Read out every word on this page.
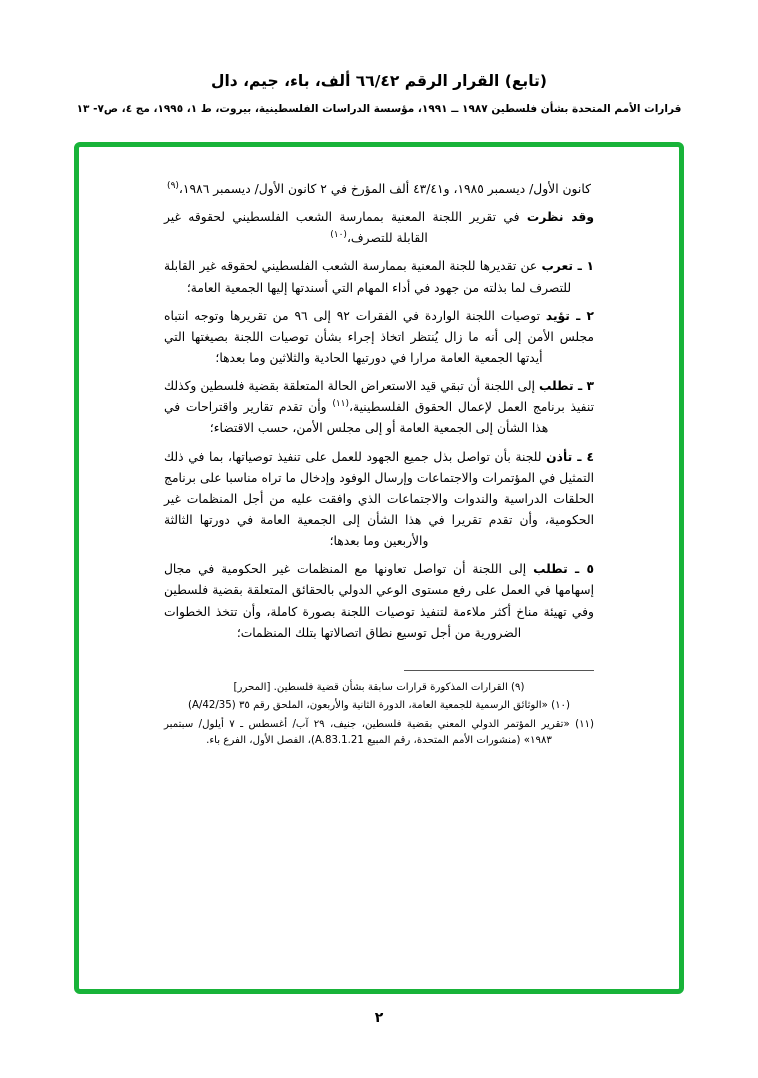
(تابع) القرار الرقم ٦٦/٤٢ ألف، باء، جيم، دال
قرارات الأمم المتحدة بشأن فلسطين ١٩٨٧ ــ ١٩٩١، مؤسسة الدراسات الفلسطينية، بيروت، ط ١، ١٩٩٥، مج ٤، ص٧- ١٣

كانون الأول/ ديسمبر ١٩٨٥، و٤٣/٤١ ألف المؤرخ في ٢ كانون الأول/ ديسمبر ١٩٨٦،$^{(٩)}$

وقد نظرت في تقرير اللجنة المعنية بممارسة الشعب الفلسطيني لحقوقه غير القابلة للتصرف،$^{(١٠)}$

١ ـ تعرب عن تقديرها للجنة المعنية بممارسة الشعب الفلسطيني لحقوقه غير القابلة للتصرف لما بذلته من جهود في أداء المهام التي أسندتها إليها الجمعية العامة؛

٢ ـ تؤيد توصيات اللجنة الواردة في الفقرات ٩٢ إلى ٩٦ من تقريرها وتوجه انتباه مجلس الأمن إلى أنه ما زال يُنتظر اتخاذ إجراء بشأن توصيات اللجنة بصيغتها التي أيدتها الجمعية العامة مرارا في دورتيها الحادية والثلاثين وما بعدها؛

٣ ـ تطلب إلى اللجنة أن تبقي قيد الاستعراض الحالة المتعلقة بقضية فلسطين وكذلك تنفيذ برنامج العمل لإعمال الحقوق الفلسطينية،$^{(١١)}$ وأن تقدم تقارير واقتراحات في هذا الشأن إلى الجمعية العامة أو إلى مجلس الأمن، حسب الاقتضاء؛

٤ ـ تأذن للجنة بأن تواصل بذل جميع الجهود للعمل على تنفيذ توصياتها، بما في ذلك التمثيل في المؤتمرات والاجتماعات وإرسال الوفود وإدخال ما تراه مناسبا على برنامج الحلقات الدراسية والندوات والاجتماعات الذي وافقت عليه من أجل المنظمات غير الحكومية، وأن تقدم تقريرا في هذا الشأن إلى الجمعية العامة في دورتها الثالثة والأربعين وما بعدها؛

٥ ـ تطلب إلى اللجنة أن تواصل تعاونها مع المنظمات غير الحكومية في مجال إسهامها في العمل على رفع مستوى الوعي الدولي بالحقائق المتعلقة بقضية فلسطين وفي تهيئة مناخ أكثر ملاءمة لتنفيذ توصيات اللجنة بصورة كاملة، وأن تتخذ الخطوات الضرورية من أجل توسيع نطاق اتصالاتها بتلك المنظمات؛

(٩) القرارات المذكورة قرارات سابقة بشأن قضية فلسطين. [المحرر]

(١٠) «الوثائق الرسمية للجمعية العامة، الدورة الثانية والأربعون، الملحق رقم ٣٥ (A/42/35)

(١١) «تقرير المؤتمر الدولي المعني بقضية فلسطين، جنيف، ٢٩ آب/ أغسطس ـ ٧ أيلول/ سبتمبر ١٩٨٣» (منشورات الأمم المتحدة، رقم المبيع A.83.1.21)، الفصل الأول، الفرع باء.

٢
